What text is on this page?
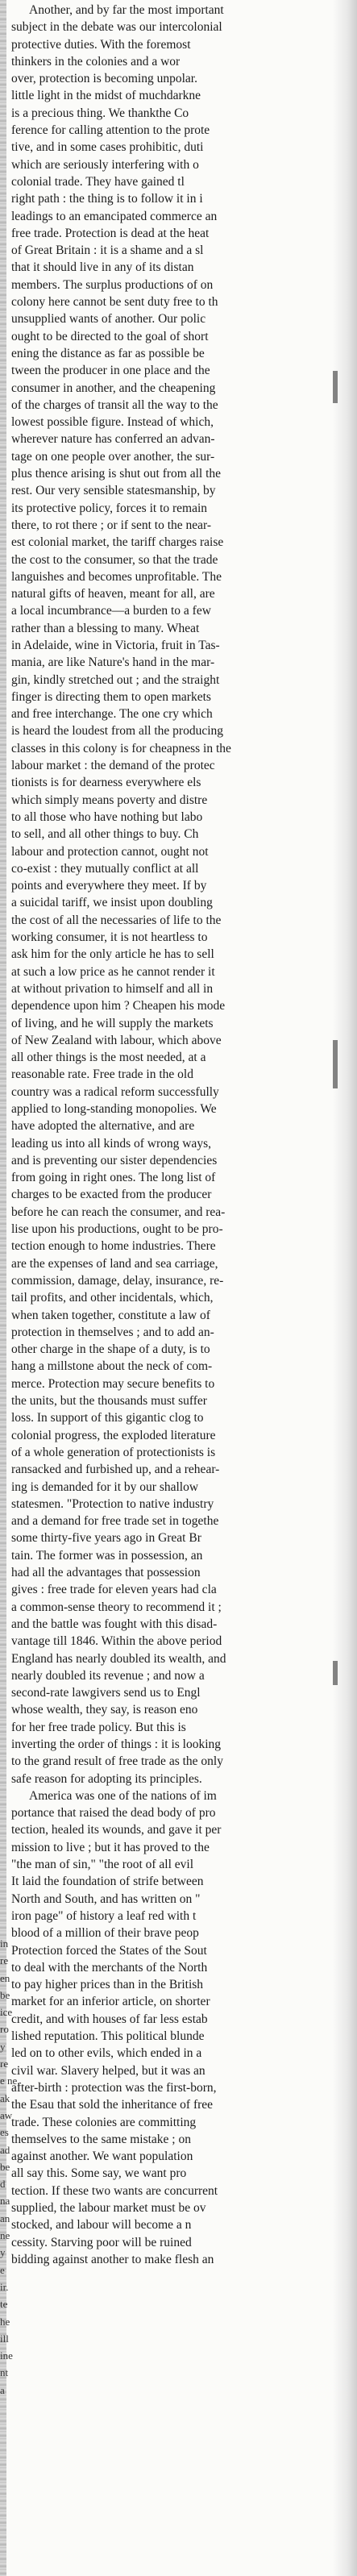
in
re
en
be
ice
ro
y
re
e ne.
ak
aw
es
ad
be
d
na
an
ne
y
e
ir.
te
he
ill
ine
nt
a
Another, and by far the most important
subject in the debate was our intercolonial
protective duties. With the foremost
thinkers in the colonies and a wor
over, protection is becoming unpolar.
little light in the midst of muchdarkne
is a precious thing. We thankthe Co
ference for calling attention to the prote
tive, and in some cases prohibitic, duti
which are seriously interfering with o
colonial trade. They have gained tl
right path : the thing is to follow it in i
leadings to an emancipated commerce an
free trade. Protection is dead at the heat
of Great Britain : it is a shame and a sl
that it should live in any of its distan
members. The surplus productions of on
colony here cannot be sent duty free to th
unsupplied wants of another. Our polic
ought to be directed to the goal of short
ening the distance as far as possible be
tween the producer in one place and the
consumer in another, and the cheapening
of the charges of transit all the way to the
lowest possible figure. Instead of which,
wherever nature has conferred an advan-
tage on one people over another, the sur-
plus thence arising is shut out from all the
rest. Our very sensible statesmanship, by
its protective policy, forces it to remain
there, to rot there ; or if sent to the near-
est colonial market, the tariff charges raise
the cost to the consumer, so that the trade
languishes and becomes unprofitable. The
natural gifts of heaven, meant for all, are
a local incumbrance—a burden to a few
rather than a blessing to many. Wheat
in Adelaide, wine in Victoria, fruit in Tas-
mania, are like Nature's hand in the mar-
gin, kindly stretched out ; and the straight
finger is directing them to open markets
and free interchange. The one cry which
is heard the loudest from all the producing
classes in this colony is for cheapness in the
labour market : the demand of the protec
tionists is for dearness everywhere els
which simply means poverty and distre
to all those who have nothing but labo
to sell, and all other things to buy. Ch
labour and protection cannot, ought not
co-exist : they mutually conflict at all
points and everywhere they meet. If by
a suicidal tariff, we insist upon doubling
the cost of all the necessaries of life to the
working consumer, it is not heartless to
ask him for the only article he has to sell
at such a low price as he cannot render it
at without privation to himself and all in
dependence upon him ? Cheapen his mode
of living, and he will supply the markets
of New Zealand with labour, which above
all other things is the most needed, at a
reasonable rate. Free trade in the old
country was a radical reform successfully
applied to long-standing monopolies. We
have adopted the alternative, and are
leading us into all kinds of wrong ways,
and is preventing our sister dependencies
from going in right ones. The long list of
charges to be exacted from the producer
before he can reach the consumer, and rea-
lise upon his productions, ought to be pro-
tection enough to home industries. There
are the expenses of land and sea carriage,
commission, damage, delay, insurance, re-
tail profits, and other incidentals, which,
when taken together, constitute a law of
protection in themselves ; and to add an-
other charge in the shape of a duty, is to
hang a millstone about the neck of com-
merce. Protection may secure benefits to
the units, but the thousands must suffer
loss. In support of this gigantic clog to
colonial progress, the exploded literature
of a whole generation of protectionists is
ransacked and furbished up, and a rehear-
ing is demanded for it by our shallow
statesmen. "Protection to native industry
and a demand for free trade set in togethe
some thirty-five years ago in Great Br
tain. The former was in possession, an
had all the advantages that possession
gives : free trade for eleven years had cla
a common-sense theory to recommend it ;
and the battle was fought with this disad-
vantage till 1846. Within the above period
England has nearly doubled its wealth, and
nearly doubled its revenue ; and now a
second-rate lawgivers send us to Engl
whose wealth, they say, is reason eno
for her free trade policy. But this is
inverting the order of things : it is looking
to the grand result of free trade as the only
safe reason for adopting its principles.
America was one of the nations of im
portance that raised the dead body of pro
tection, healed its wounds, and gave it per
mission to live ; but it has proved to the
"the man of sin," "the root of all evil
It laid the foundation of strife between
North and South, and has written on "
iron page" of history a leaf red with t
blood of a million of their brave peop
Protection forced the States of the Sout
to deal with the merchants of the North
to pay higher prices than in the British
market for an inferior article, on shorter
credit, and with houses of far less estab
lished reputation. This political blunde
led on to other evils, which ended in a
civil war. Slavery helped, but it was an
after-birth : protection was the first-born,
the Esau that sold the inheritance of free
trade. These colonies are committing
themselves to the same mistake ; on
against another. We want population
all say this. Some say, we want pro
tection. If these two wants are concurrent
supplied, the labour market must be ov
stocked, and labour will become a n
cessity. Starving poor will be ruined
bidding against another to make flesh an
